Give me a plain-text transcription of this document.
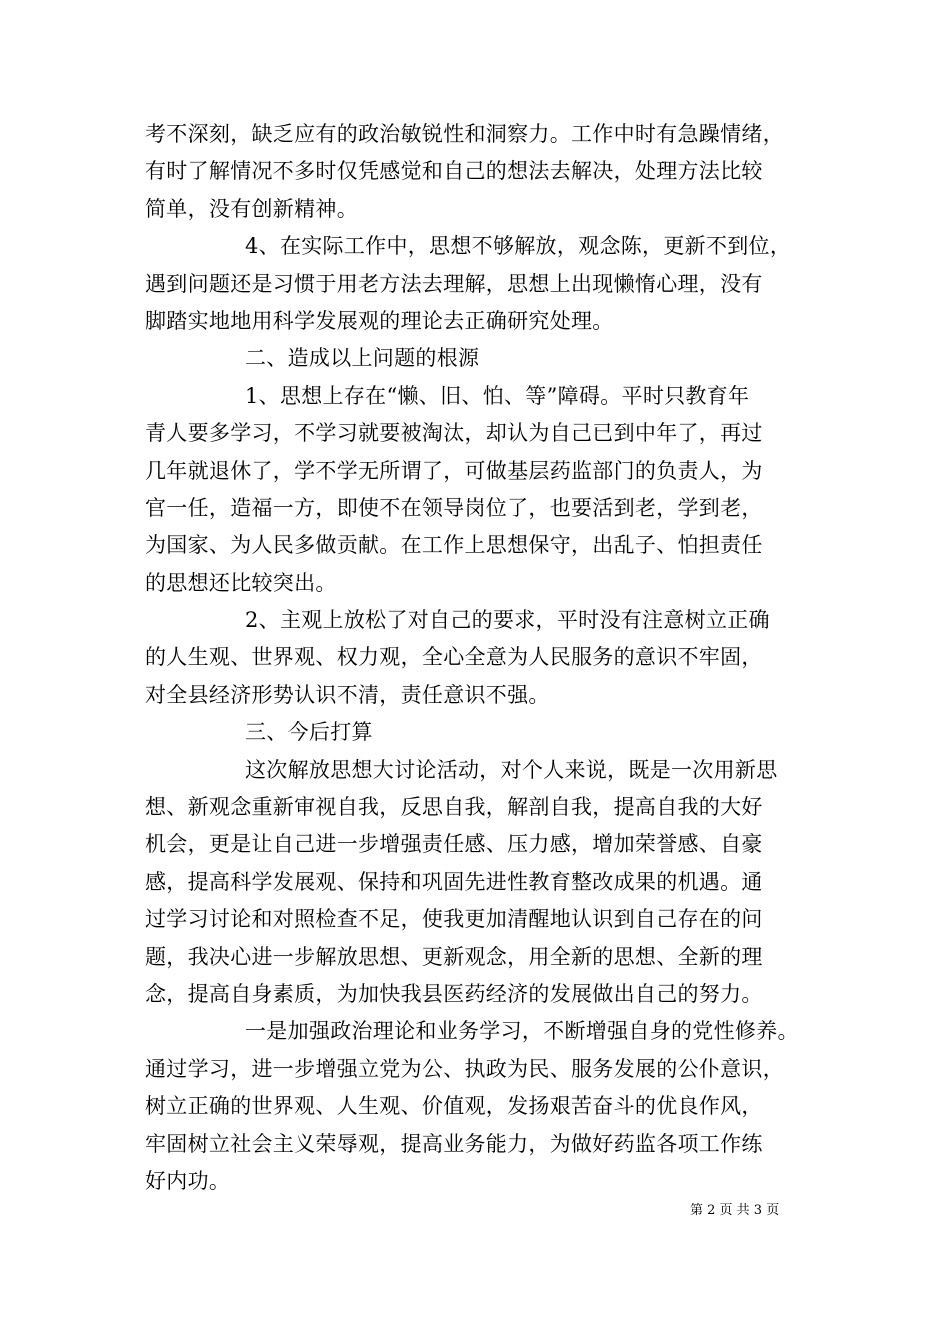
考不深刻，缺乏应有的政治敏锐性和洞察力。工作中时有急躁情绪，
有时了解情况不多时仅凭感觉和自己的想法去解决，处理方法比较
简单，没有创新精神。
4、在实际工作中，思想不够解放，观念陈，更新不到位，
遇到问题还是习惯于用老方法去理解，思想上出现懒惰心理，没有
脚踏实地地用科学发展观的理论去正确研究处理。
二、造成以上问题的根源
1、思想上存在“懒、旧、怕、等”障碍。平时只教育年
青人要多学习，不学习就要被淘汰，却认为自己已到中年了，再过
几年就退休了，学不学无所谓了，可做基层药监部门的负责人，为
官一任，造福一方，即使不在领导岗位了，也要活到老，学到老，
为国家、为人民多做贡献。在工作上思想保守，出乱子、怕担责任
的思想还比较突出。
2、主观上放松了对自己的要求，平时没有注意树立正确
的人生观、世界观、权力观，全心全意为人民服务的意识不牢固，
对全县经济形势认识不清，责任意识不强。
三、今后打算
这次解放思想大讨论活动，对个人来说，既是一次用新思
想、新观念重新审视自我，反思自我，解剖自我，提高自我的大好
机会，更是让自己进一步增强责任感、压力感，增加荣誉感、自豪
感，提高科学发展观、保持和巩固先进性教育整改成果的机遇。通
过学习讨论和对照检查不足，使我更加清醒地认识到自己存在的问
题，我决心进一步解放思想、更新观念，用全新的思想、全新的理
念，提高自身素质，为加快我县医药经济的发展做出自己的努力。
一是加强政治理论和业务学习，不断增强自身的党性修养。
通过学习，进一步增强立党为公、执政为民、服务发展的公仆意识，
树立正确的世界观、人生观、价值观，发扬艰苦奋斗的优良作风，
牢固树立社会主义荣辱观，提高业务能力，为做好药监各项工作练
好内功。
第 2 页 共 3 页
